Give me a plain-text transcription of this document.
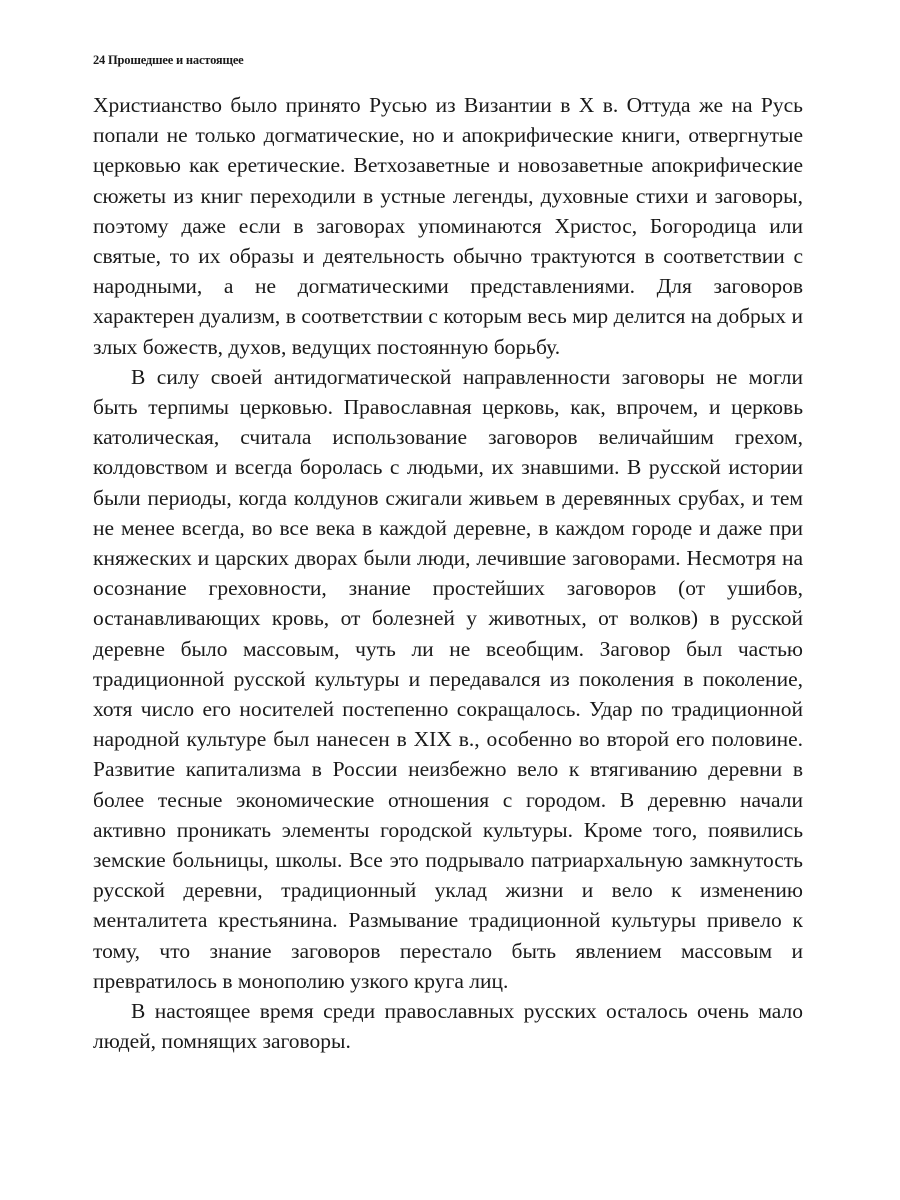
24 Прошедшее и настоящее

Христианство было принято Русью из Византии в X в. Оттуда же на Русь попали не только догматические, но и апокрифические книги, отвергнутые церковью как еретические. Ветхозаветные и новозаветные апокрифические сюжеты из книг переходили в устные легенды, духовные стихи и заговоры, поэтому даже если в заговорах упоминаются Христос, Богородица или святые, то их образы и деятельность обычно трактуются в соответствии с народными, а не догматическими представлениями. Для заговоров характерен дуализм, в соответствии с которым весь мир делится на добрых и злых божеств, духов, ведущих постоянную борьбу.

В силу своей антидогматической направленности заговоры не могли быть терпимы церковью. Православная церковь, как, впрочем, и церковь католическая, считала использование заговоров величайшим грехом, колдовством и всегда боролась с людьми, их знавшими. В русской истории были периоды, когда колдунов сжигали живьем в деревянных срубах, и тем не менее всегда, во все века в каждой деревне, в каждом городе и даже при княжеских и царских дворах были люди, лечившие заговорами. Несмотря на осознание греховности, знание простейших заговоров (от ушибов, останавливающих кровь, от болезней у животных, от волков) в русской деревне было массовым, чуть ли не всеобщим. Заговор был частью традиционной русской культуры и передавался из поколения в поколение, хотя число его носителей постепенно сокращалось. Удар по традиционной народной культуре был нанесен в XIX в., особенно во второй его половине. Развитие капитализма в России неизбежно вело к втягиванию деревни в более тесные экономические отношения с городом. В деревню начали активно проникать элементы городской культуры. Кроме того, появились земские больницы, школы. Все это подрывало патриархальную замкнутость русской деревни, традиционный уклад жизни и вело к изменению менталитета крестьянина. Размывание традиционной культуры привело к тому, что знание заговоров перестало быть явлением массовым и превратилось в монополию узкого круга лиц.

В настоящее время среди православных русских осталось очень мало людей, помнящих заговоры.
